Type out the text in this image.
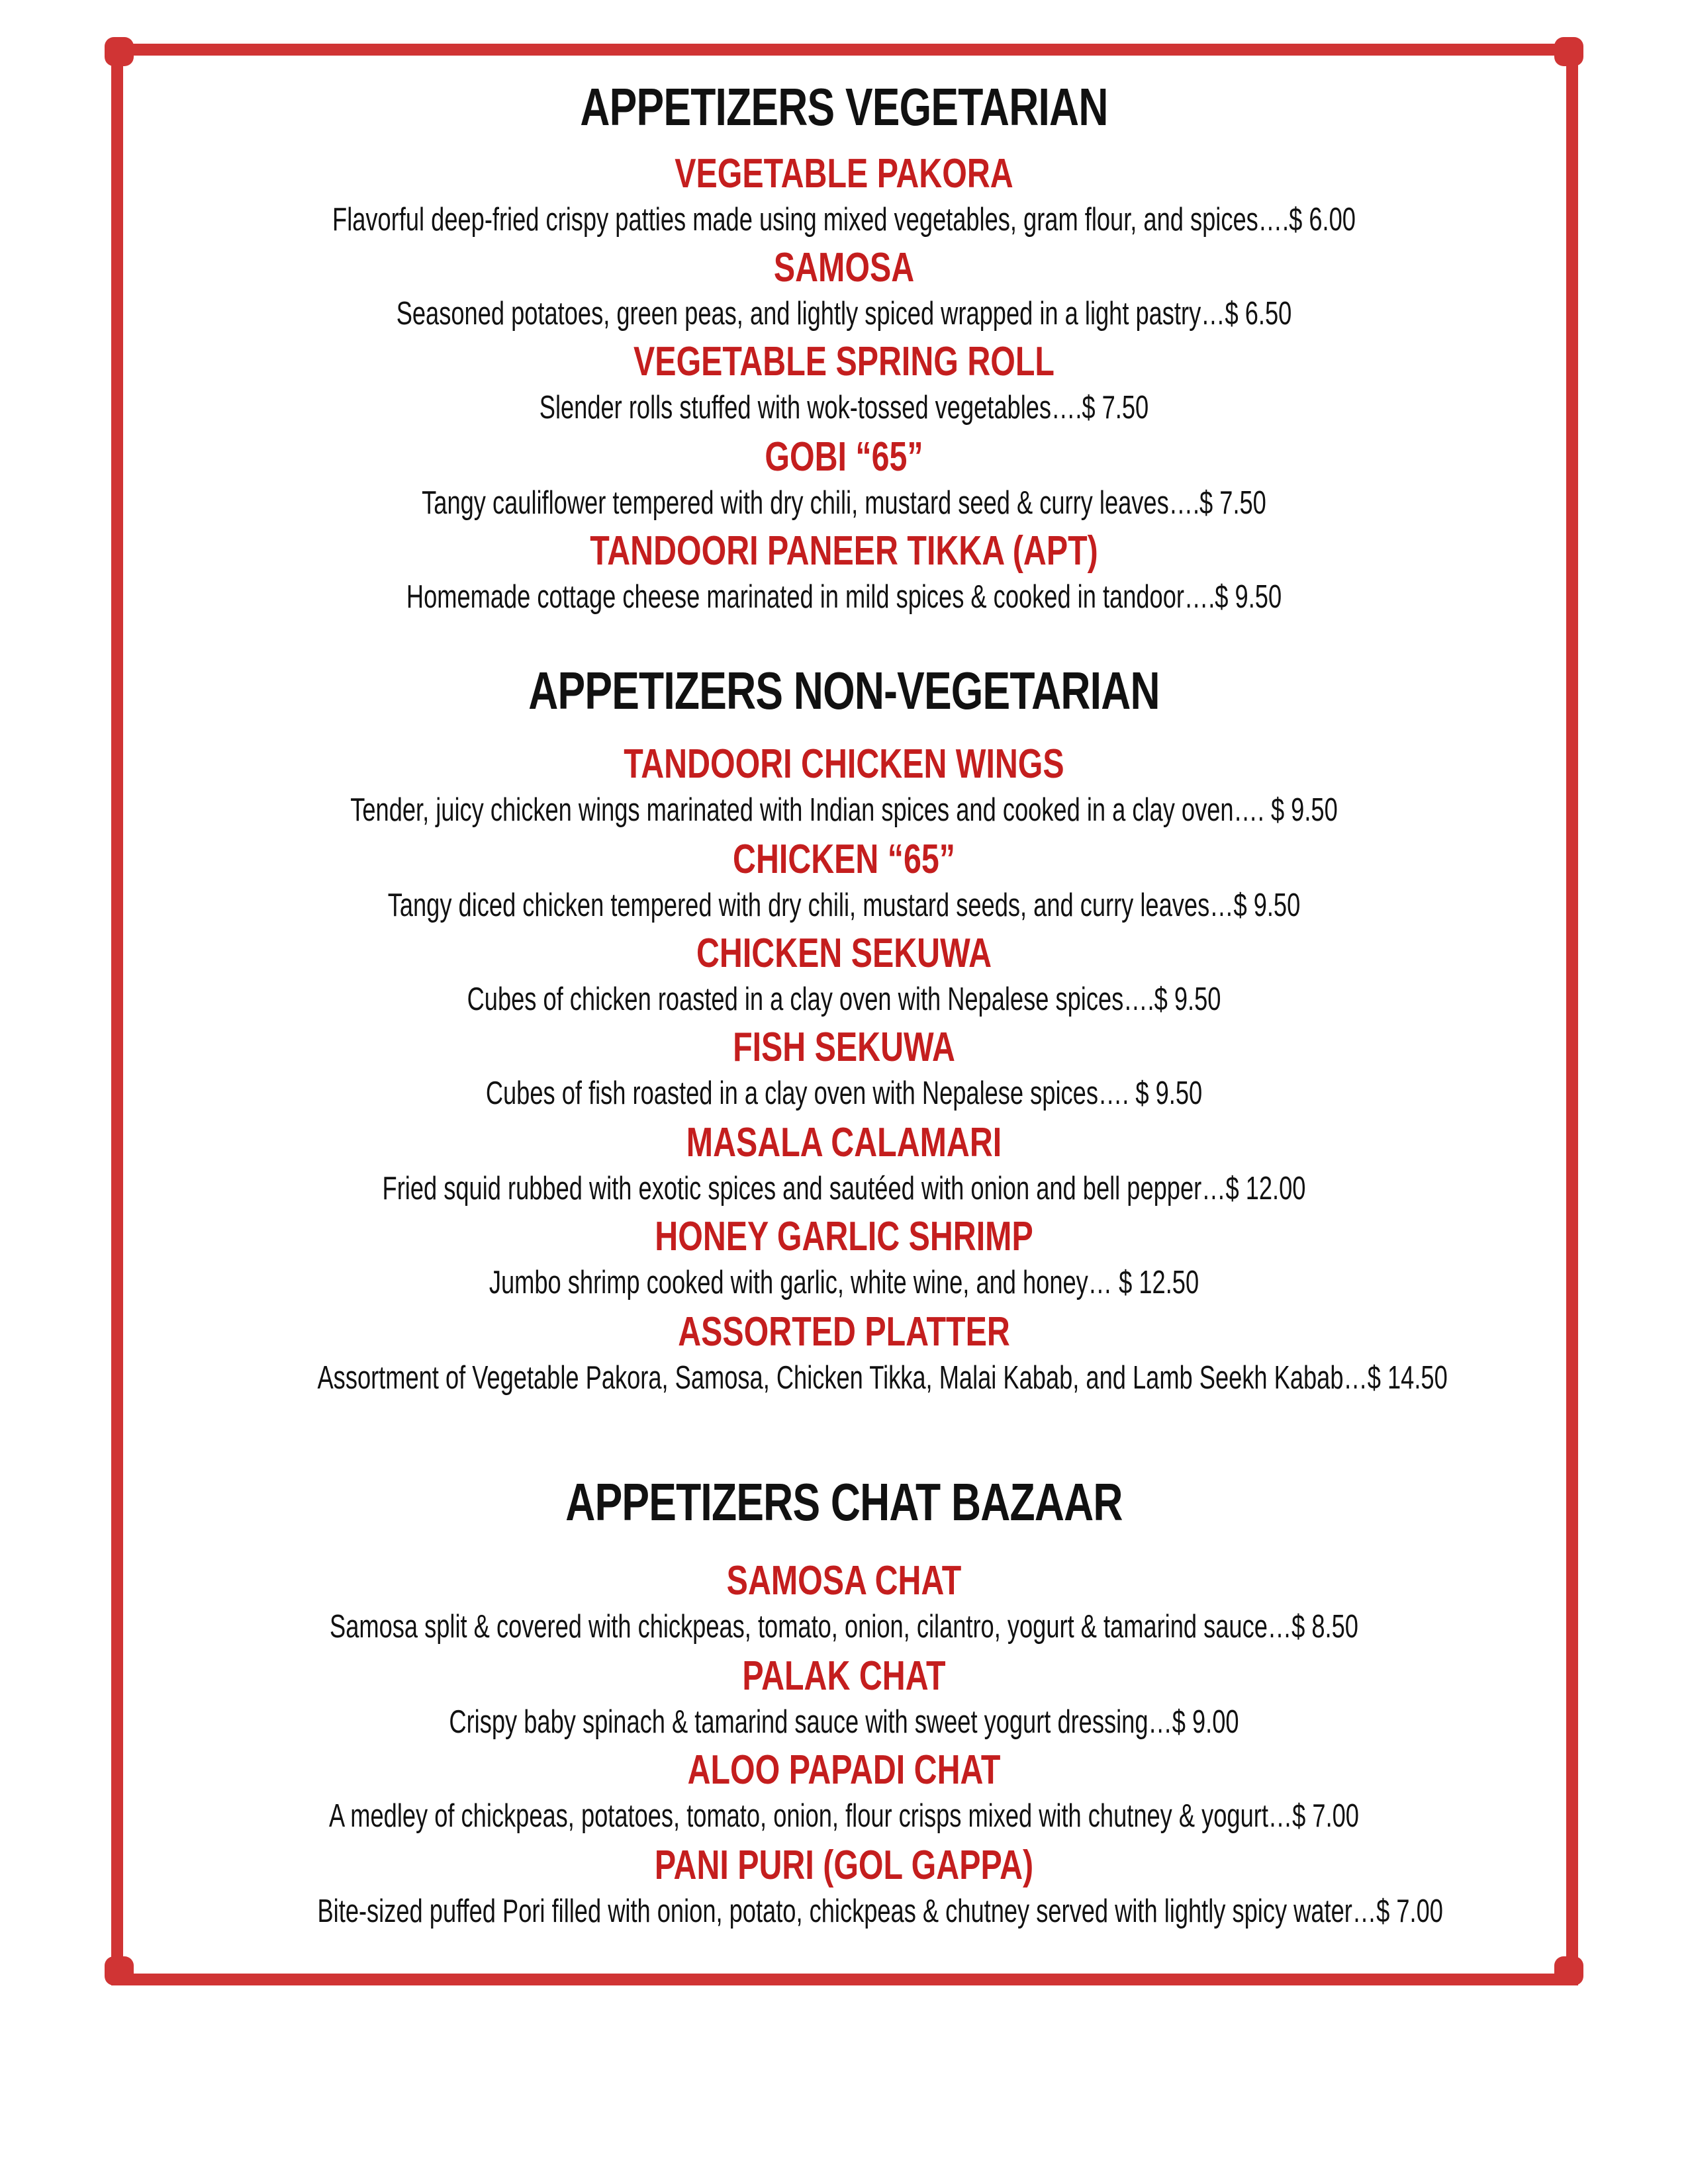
APPETIZERS VEGETARIAN
VEGETABLE PAKORA
Flavorful deep-fried crispy patties made using mixed vegetables, gram flour, and spices….$ 6.00
SAMOSA
Seasoned potatoes, green peas, and lightly spiced wrapped in a light pastry…$ 6.50
VEGETABLE SPRING ROLL
Slender rolls stuffed with wok-tossed vegetables….$ 7.50
GOBI “65”
Tangy cauliflower tempered with dry chili, mustard seed & curry leaves….$ 7.50
TANDOORI PANEER TIKKA (APT)
Homemade cottage cheese marinated in mild spices & cooked in tandoor….$ 9.50
APPETIZERS NON-VEGETARIAN
TANDOORI CHICKEN WINGS
Tender, juicy chicken wings marinated with Indian spices and cooked in a clay oven…. $ 9.50
CHICKEN “65”
Tangy diced chicken tempered with dry chili, mustard seeds, and curry leaves…$ 9.50
CHICKEN SEKUWA
Cubes of chicken roasted in a clay oven with Nepalese spices….$ 9.50
FISH SEKUWA
Cubes of fish roasted in a clay oven with Nepalese spices…. $ 9.50
MASALA CALAMARI
Fried squid rubbed with exotic spices and sautéed with onion and bell pepper…$ 12.00
HONEY GARLIC SHRIMP
Jumbo shrimp cooked with garlic, white wine, and honey… $ 12.50
ASSORTED PLATTER
Assortment of Vegetable Pakora, Samosa, Chicken Tikka, Malai Kabab, and Lamb Seekh Kabab…$ 14.50
APPETIZERS CHAT BAZAAR
SAMOSA CHAT
Samosa split & covered with chickpeas, tomato, onion, cilantro, yogurt & tamarind sauce…$ 8.50
PALAK CHAT
Crispy baby spinach & tamarind sauce with sweet yogurt dressing…$ 9.00
ALOO PAPADI CHAT
A medley of chickpeas, potatoes, tomato, onion, flour crisps mixed with chutney & yogurt…$ 7.00
PANI PURI (GOL GAPPA)
Bite-sized puffed Pori filled with onion, potato, chickpeas & chutney served with lightly spicy water…$ 7.00
